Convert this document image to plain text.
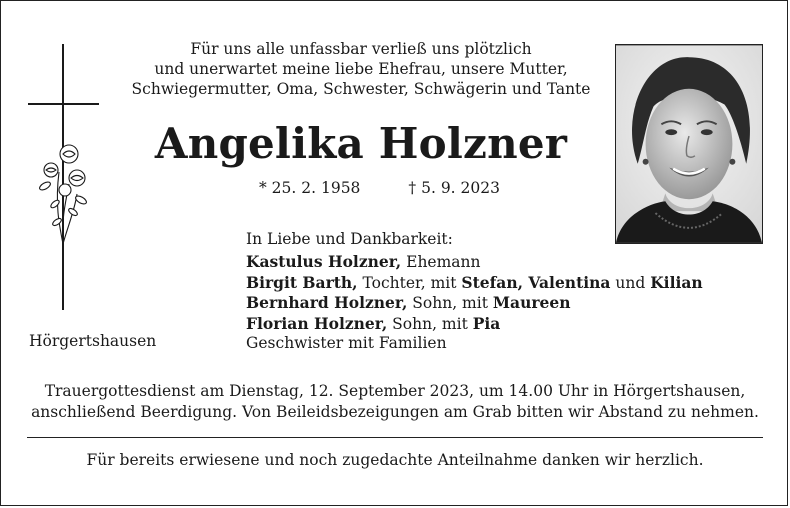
Für uns alle unfassbar verließ uns plötzlich
und unerwartet meine liebe Ehefrau, unsere Mutter,
Schwiegermutter, Oma, Schwester, Schwägerin und Tante
Angelika Holzner
* 25. 2. 1958	† 5. 9. 2023
In Liebe und Dankbarkeit:
Kastulus Holzner, Ehemann
Birgit Barth, Tochter, mit Stefan, Valentina und Kilian
Bernhard Holzner, Sohn, mit Maureen
Florian Holzner, Sohn, mit Pia
Geschwister mit Familien
Hörgertshausen
Trauergottesdienst am Dienstag, 12. September 2023, um 14.00 Uhr in Hörgertshausen,
anschließend Beerdigung. Von Beileidsbezeigungen am Grab bitten wir Abstand zu nehmen.
Für bereits erwiesene und noch zugedachte Anteilnahme danken wir herzlich.
